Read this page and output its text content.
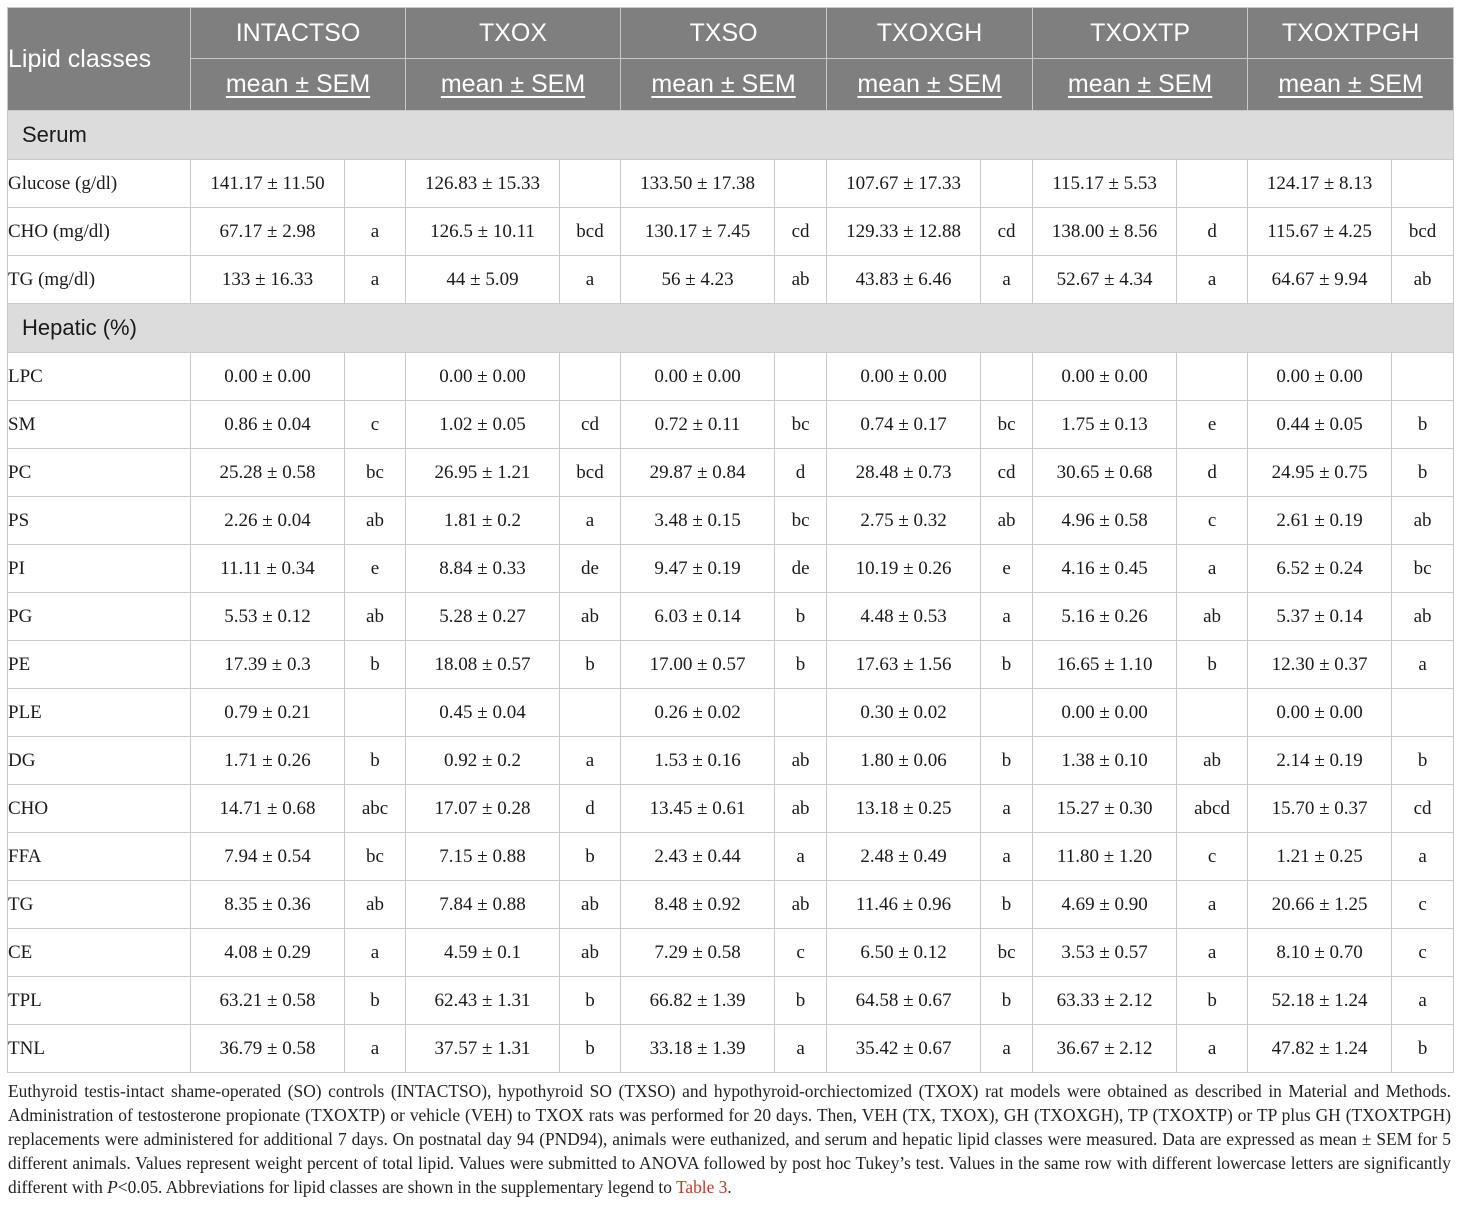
Lipid classes	INTACTSO		TXOX		TXSO		TXOXGH		TXOXTP		TXOXTPGH	
	mean ± SEM		mean ± SEM		mean ± SEM		mean ± SEM		mean ± SEM		mean ± SEM	
Serum												
Glucose (g/dl)	141.17 ± 11.50		126.83 ± 15.33		133.50 ± 17.38		107.67 ± 17.33		115.17 ± 5.53		124.17 ± 8.13	
CHO (mg/dl)	67.17 ± 2.98	a	126.5 ± 10.11	bcd	130.17 ± 7.45	cd	129.33 ± 12.88	cd	138.00 ± 8.56	d	115.67 ± 4.25	bcd
TG (mg/dl)	133 ± 16.33	a	44 ± 5.09	a	56 ± 4.23	ab	43.83 ± 6.46	a	52.67 ± 4.34	a	64.67 ± 9.94	ab
Hepatic (%)												
LPC	0.00 ± 0.00		0.00 ± 0.00		0.00 ± 0.00		0.00 ± 0.00		0.00 ± 0.00		0.00 ± 0.00	
SM	0.86 ± 0.04	c	1.02 ± 0.05	cd	0.72 ± 0.11	bc	0.74 ± 0.17	bc	1.75 ± 0.13	e	0.44 ± 0.05	b
PC	25.28 ± 0.58	bc	26.95 ± 1.21	bcd	29.87 ± 0.84	d	28.48 ± 0.73	cd	30.65 ± 0.68	d	24.95 ± 0.75	b
PS	2.26 ± 0.04	ab	1.81 ± 0.2	a	3.48 ± 0.15	bc	2.75 ± 0.32	ab	4.96 ± 0.58	c	2.61 ± 0.19	ab
PI	11.11 ± 0.34	e	8.84 ± 0.33	de	9.47 ± 0.19	de	10.19 ± 0.26	e	4.16 ± 0.45	a	6.52 ± 0.24	bc
PG	5.53 ± 0.12	ab	5.28 ± 0.27	ab	6.03 ± 0.14	b	4.48 ± 0.53	a	5.16 ± 0.26	ab	5.37 ± 0.14	ab
PE	17.39 ± 0.3	b	18.08 ± 0.57	b	17.00 ± 0.57	b	17.63 ± 1.56	b	16.65 ± 1.10	b	12.30 ± 0.37	a
PLE	0.79 ± 0.21		0.45 ± 0.04		0.26 ± 0.02		0.30 ± 0.02		0.00 ± 0.00		0.00 ± 0.00	
DG	1.71 ± 0.26	b	0.92 ± 0.2	a	1.53 ± 0.16	ab	1.80 ± 0.06	b	1.38 ± 0.10	ab	2.14 ± 0.19	b
CHO	14.71 ± 0.68	abc	17.07 ± 0.28	d	13.45 ± 0.61	ab	13.18 ± 0.25	a	15.27 ± 0.30	abcd	15.70 ± 0.37	cd
FFA	7.94 ± 0.54	bc	7.15 ± 0.88	b	2.43 ± 0.44	a	2.48 ± 0.49	a	11.80 ± 1.20	c	1.21 ± 0.25	a
TG	8.35 ± 0.36	ab	7.84 ± 0.88	ab	8.48 ± 0.92	ab	11.46 ± 0.96	b	4.69 ± 0.90	a	20.66 ± 1.25	c
CE	4.08 ± 0.29	a	4.59 ± 0.1	ab	7.29 ± 0.58	c	6.50 ± 0.12	bc	3.53 ± 0.57	a	8.10 ± 0.70	c
TPL	63.21 ± 0.58	b	62.43 ± 1.31	b	66.82 ± 1.39	b	64.58 ± 0.67	b	63.33 ± 2.12	b	52.18 ± 1.24	a
TNL	36.79 ± 0.58	a	37.57 ± 1.31	b	33.18 ± 1.39	a	35.42 ± 0.67	a	36.67 ± 2.12	a	47.82 ± 1.24	b
Euthyroid testis-intact shame-operated (SO) controls (INTACTSO), hypothyroid SO (TXSO) and hypothyroid-orchiectomized (TXOX) rat models were obtained as described in Material and Methods. Administration of testosterone propionate (TXOXTP) or vehicle (VEH) to TXOX rats was performed for 20 days. Then, VEH (TX, TXOX), GH (TXOXGH), TP (TXOXTP) or TP plus GH (TXOXTPGH) replacements were administered for additional 7 days. On postnatal day 94 (PND94), animals were euthanized, and serum and hepatic lipid classes were measured. Data are expressed as mean ± SEM for 5 different animals. Values represent weight percent of total lipid. Values were submitted to ANOVA followed by post hoc Tukey’s test. Values in the same row with different lowercase letters are significantly different with P<0.05. Abbreviations for lipid classes are shown in the supplementary legend to Table 3.
